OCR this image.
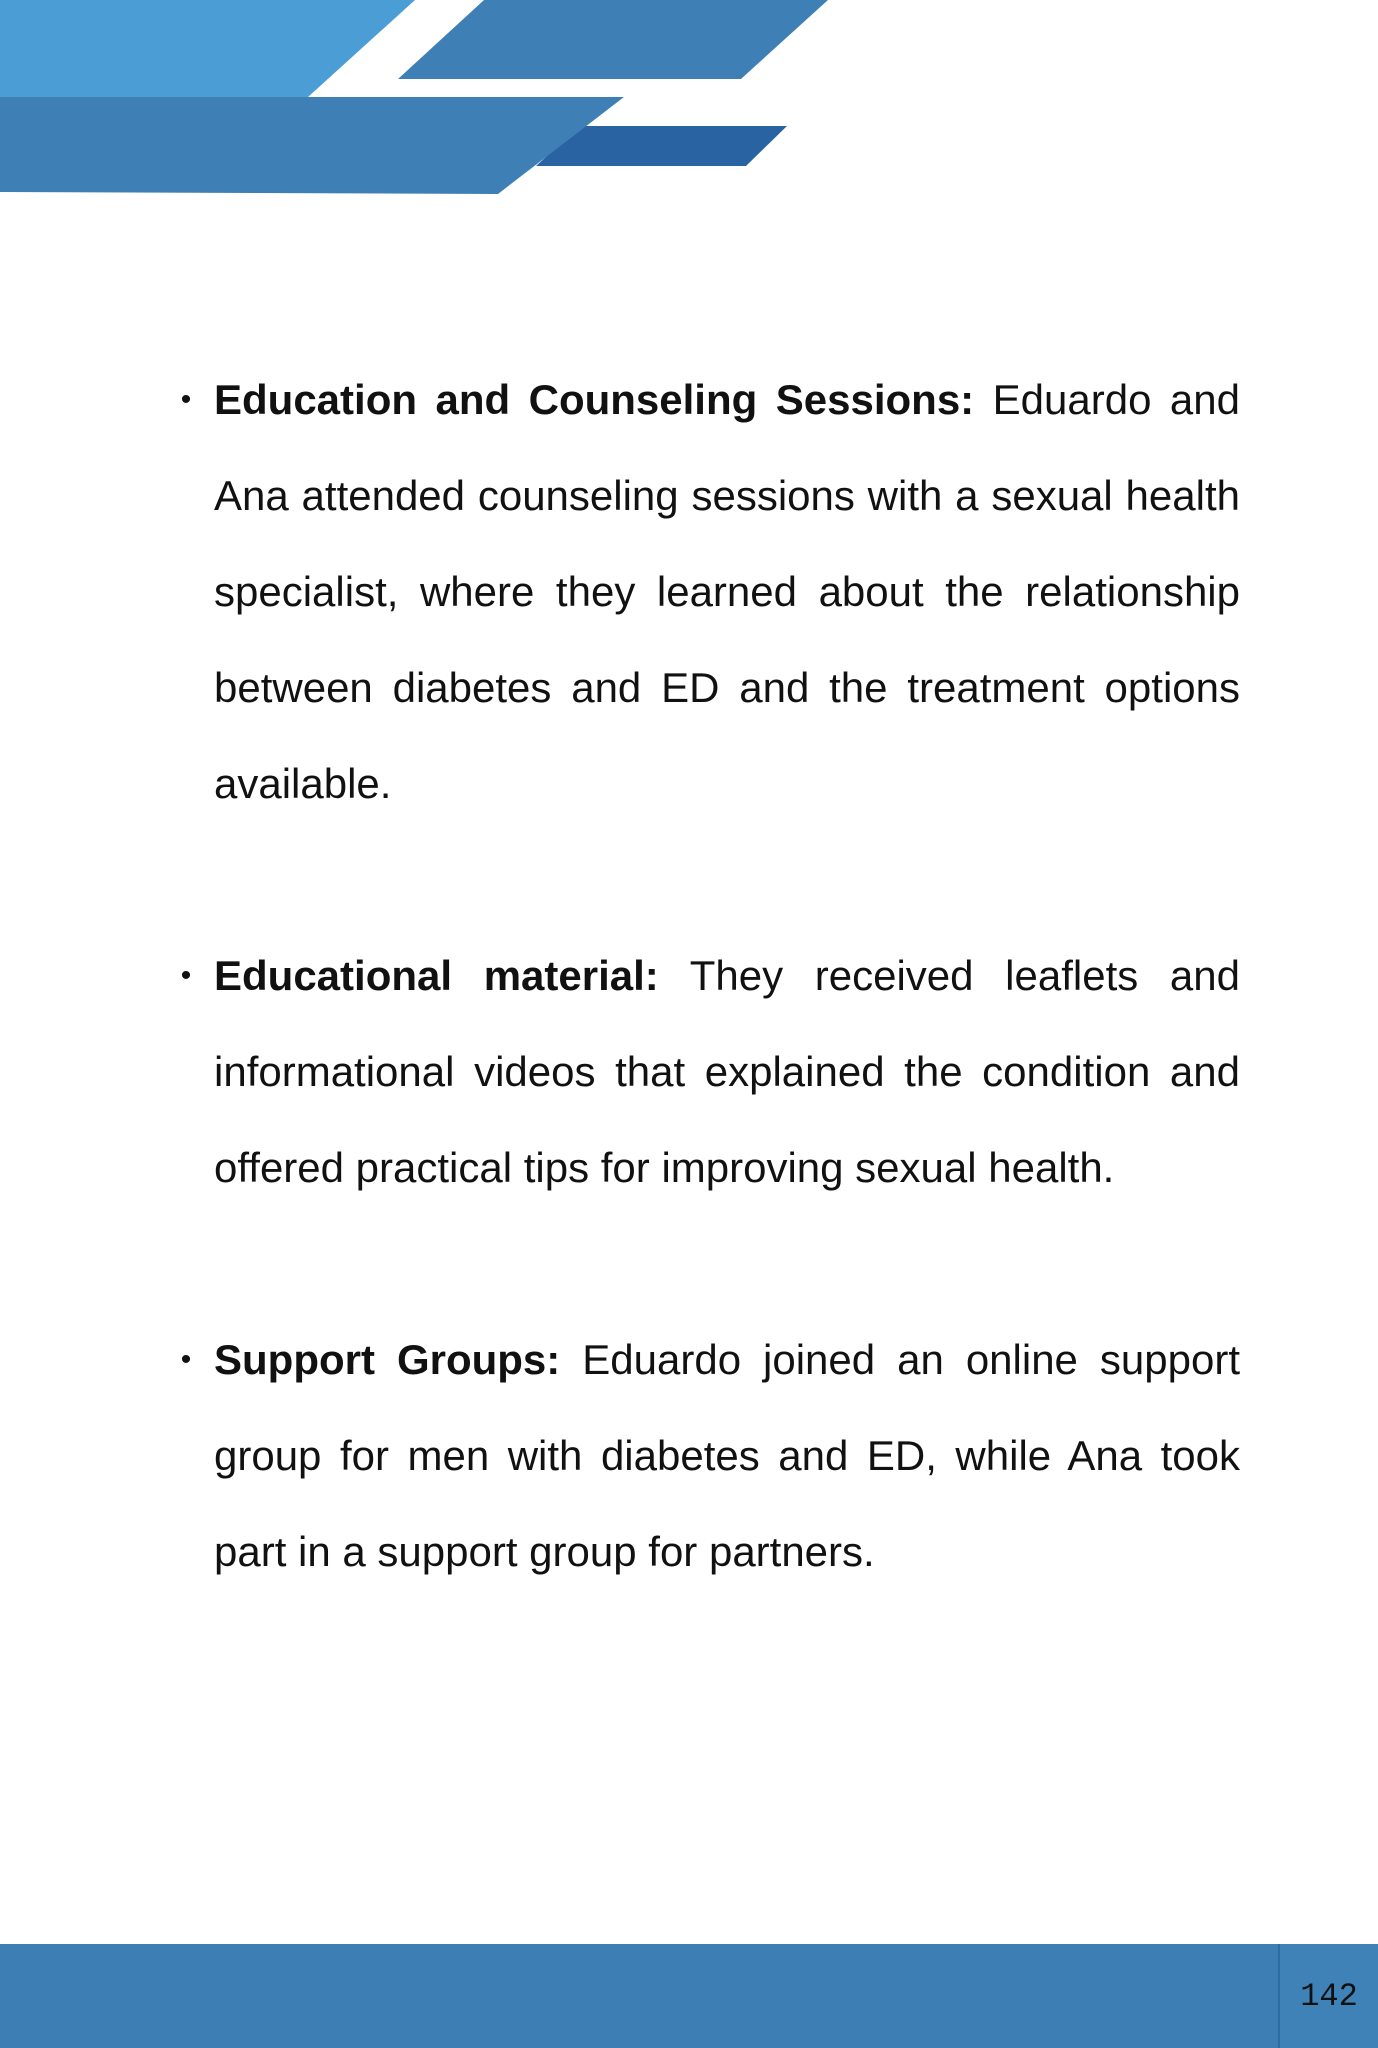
• Education and Counseling Sessions: Eduardo and Ana attended counseling sessions with a sexual health specialist, where they learned about the relationship between diabetes and ED and the treatment options available.
• Educational material: They received leaflets and informational videos that explained the condition and offered practical tips for improving sexual health.
• Support Groups: Eduardo joined an online support group for men with diabetes and ED, while Ana took part in a support group for partners.
142
